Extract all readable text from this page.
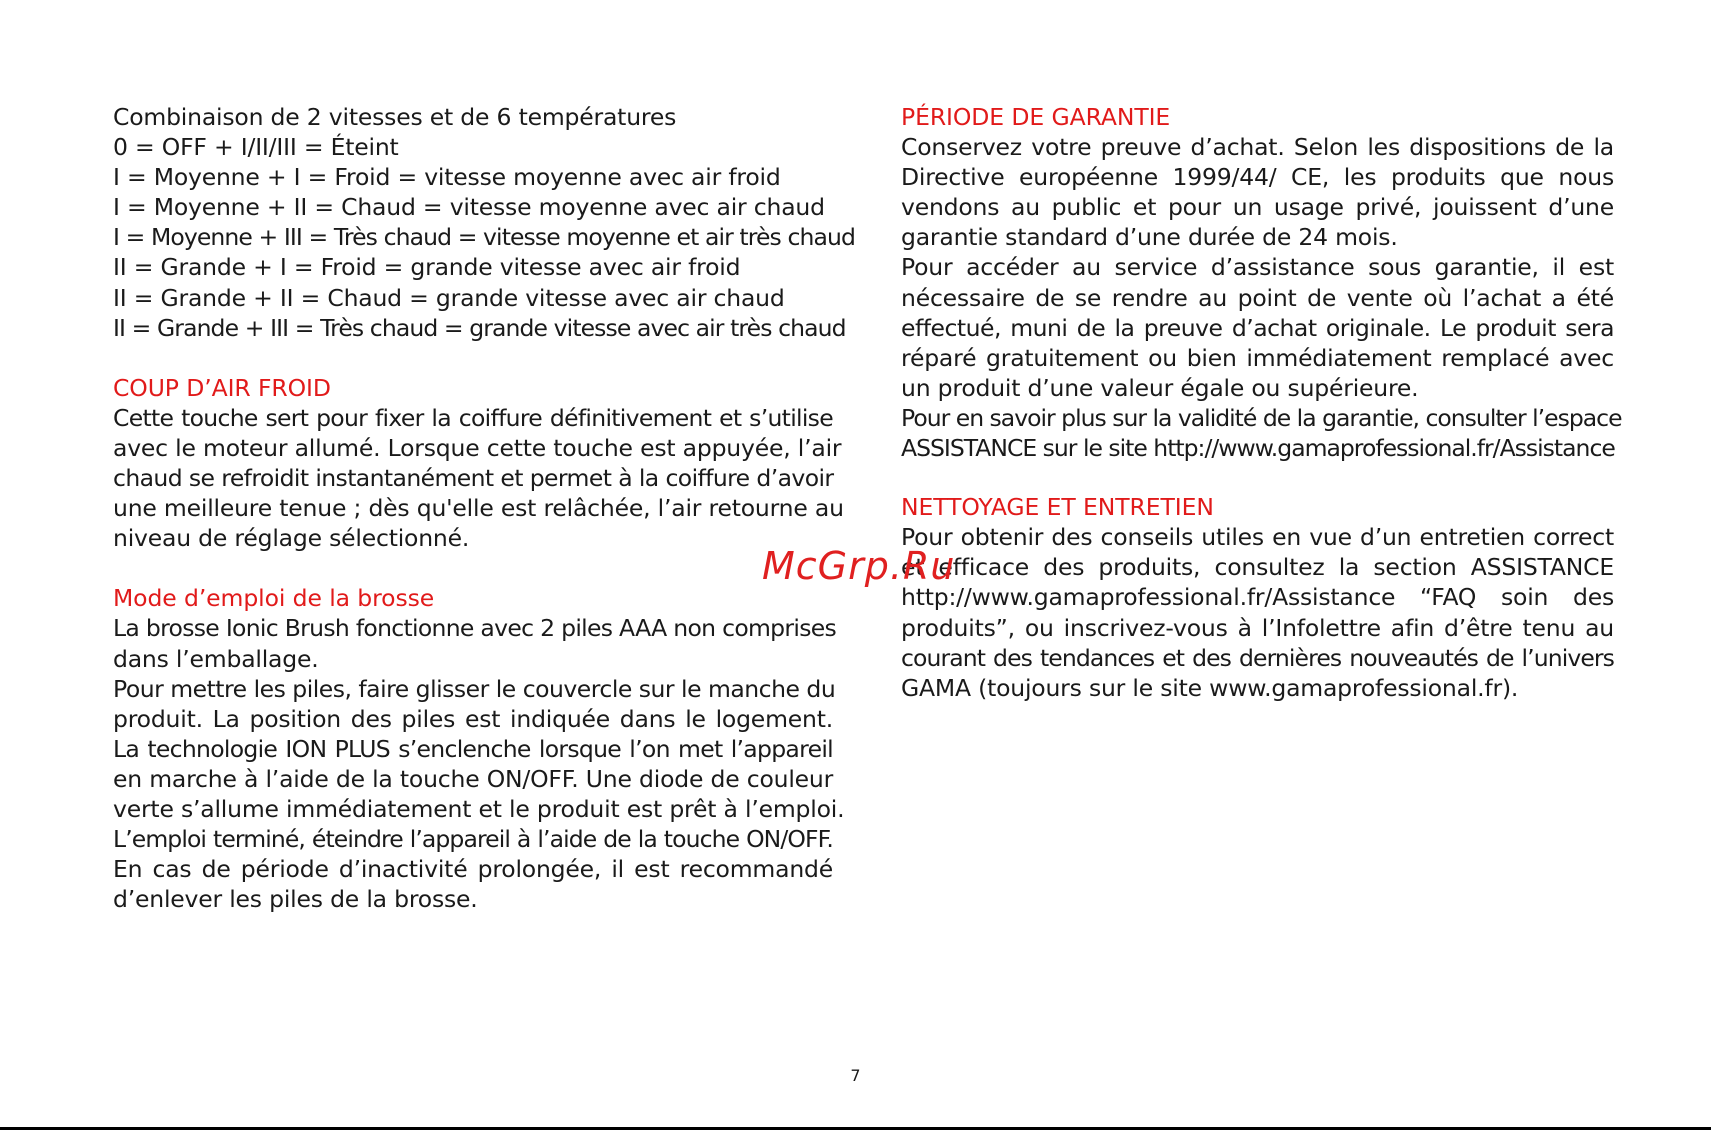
Combinaison de 2 vitesses et de 6 températures
0 = OFF + I/II/III = Éteint
I = Moyenne + I = Froid = vitesse moyenne avec air froid
I = Moyenne + II = Chaud = vitesse moyenne avec air chaud
I = Moyenne + III = Très chaud = vitesse moyenne et air très chaud
II = Grande + I = Froid = grande vitesse avec air froid
II = Grande + II = Chaud = grande vitesse avec air chaud
II = Grande + III = Très chaud = grande vitesse avec air très chaud
COUP D’AIR FROID
Cette touche sert pour fixer la coiffure définitivement et s’utilise
avec le moteur allumé. Lorsque cette touche est appuyée, l’air
chaud se refroidit instantanément et permet à la coiffure d’avoir
une meilleure tenue ; dès qu'elle est relâchée, l’air retourne au
niveau de réglage sélectionné.
Mode d’emploi de la brosse
La brosse Ionic Brush fonctionne avec 2 piles AAA non comprises
dans l’emballage.
Pour mettre les piles, faire glisser le couvercle sur le manche du
produit. La position des piles est indiquée dans le logement.
La technologie ION PLUS s’enclenche lorsque l’on met l’appareil
en marche à l’aide de la touche ON/OFF. Une diode de couleur
verte s’allume immédiatement et le produit est prêt à l’emploi.
L’emploi terminé, éteindre l’appareil à l’aide de la touche ON/OFF.
En cas de période d’inactivité prolongée, il est recommandé
d’enlever les piles de la brosse.
PÉRIODE DE GARANTIE
Conservez votre preuve d’achat. Selon les dispositions de la
Directive européenne 1999/44/ CE, les produits que nous
vendons au public et pour un usage privé, jouissent d’une
garantie standard d’une durée de 24 mois.
Pour accéder au service d’assistance sous garantie, il est
nécessaire de se rendre au point de vente où l’achat a été
effectué, muni de la preuve d’achat originale. Le produit sera
réparé gratuitement ou bien immédiatement remplacé avec
un produit d’une valeur égale ou supérieure.
Pour en savoir plus sur la validité de la garantie, consulter l’espace
ASSISTANCE sur le site http://www.gamaprofessional.fr/Assistance
NETTOYAGE ET ENTRETIEN
Pour obtenir des conseils utiles en vue d’un entretien correct
et efficace des produits, consultez la section ASSISTANCE
http://www.gamaprofessional.fr/Assistance “FAQ soin des
produits”, ou inscrivez-vous à l’Infolettre afin d’être tenu au
courant des tendances et des dernières nouveautés de l’univers
GAMA (toujours sur le site www.gamaprofessional.fr).
McGrp.Ru
7
